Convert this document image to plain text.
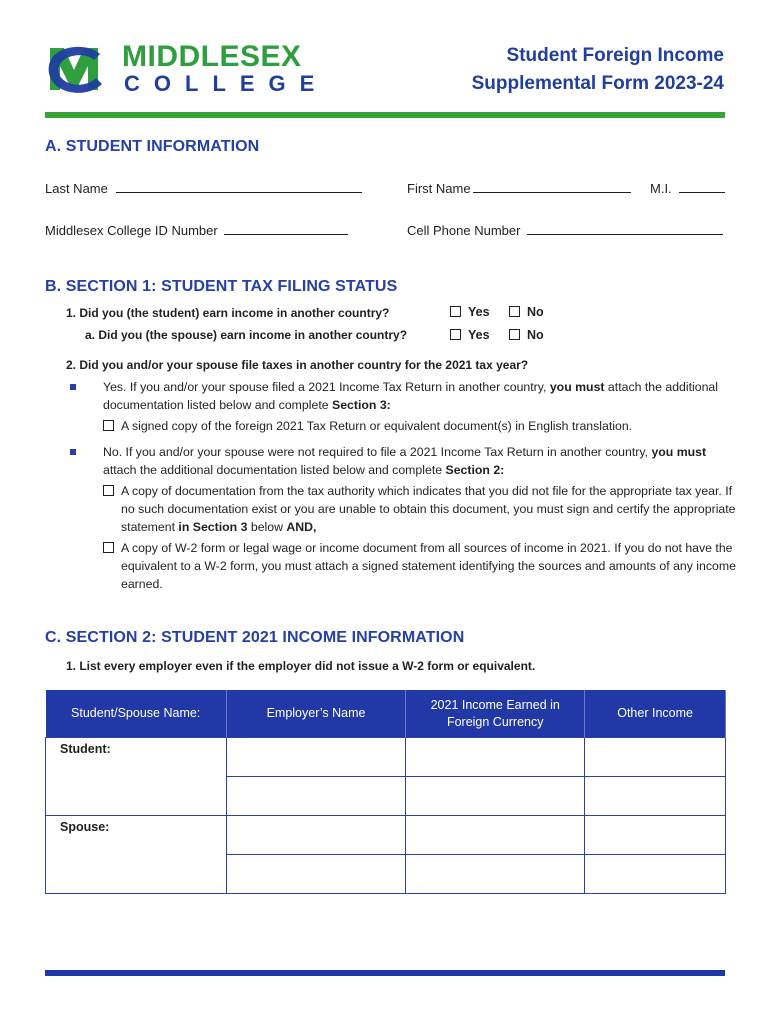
MIDDLESEX
COLLEGE
Student Foreign Income
Supplemental Form 2023-24
A. STUDENT INFORMATION
Last Name	First Name	M.I.
Middlesex College ID Number	Cell Phone Number
B. SECTION 1: STUDENT TAX FILING STATUS
1. Did you (the student) earn income in another country?	Yes	No
a. Did you (the spouse) earn income in another country?	Yes	No
2. Did you and/or your spouse file taxes in another country for the 2021 tax year?
Yes. If you and/or your spouse filed a 2021 Income Tax Return in another country, you must attach the additional documentation listed below and complete Section 3:
A signed copy of the foreign 2021 Tax Return or equivalent document(s) in English translation.
No. If you and/or your spouse were not required to file a 2021 Income Tax Return in another country, you must attach the additional documentation listed below and complete Section 2:
A copy of documentation from the tax authority which indicates that you did not file for the appropriate tax year. If no such documentation exist or you are unable to obtain this document, you must sign and certify the appropriate statement in Section 3 below AND,
A copy of W-2 form or legal wage or income document from all sources of income in 2021. If you do not have the equivalent to a W-2 form, you must attach a signed statement identifying the sources and amounts of any income earned.
C. SECTION 2: STUDENT 2021 INCOME INFORMATION
1. List every employer even if the employer did not issue a W-2 form or equivalent.
Student/Spouse Name:	Employer’s Name	2021 Income Earned in Foreign Currency	Other Income
Student:			

Spouse:			
